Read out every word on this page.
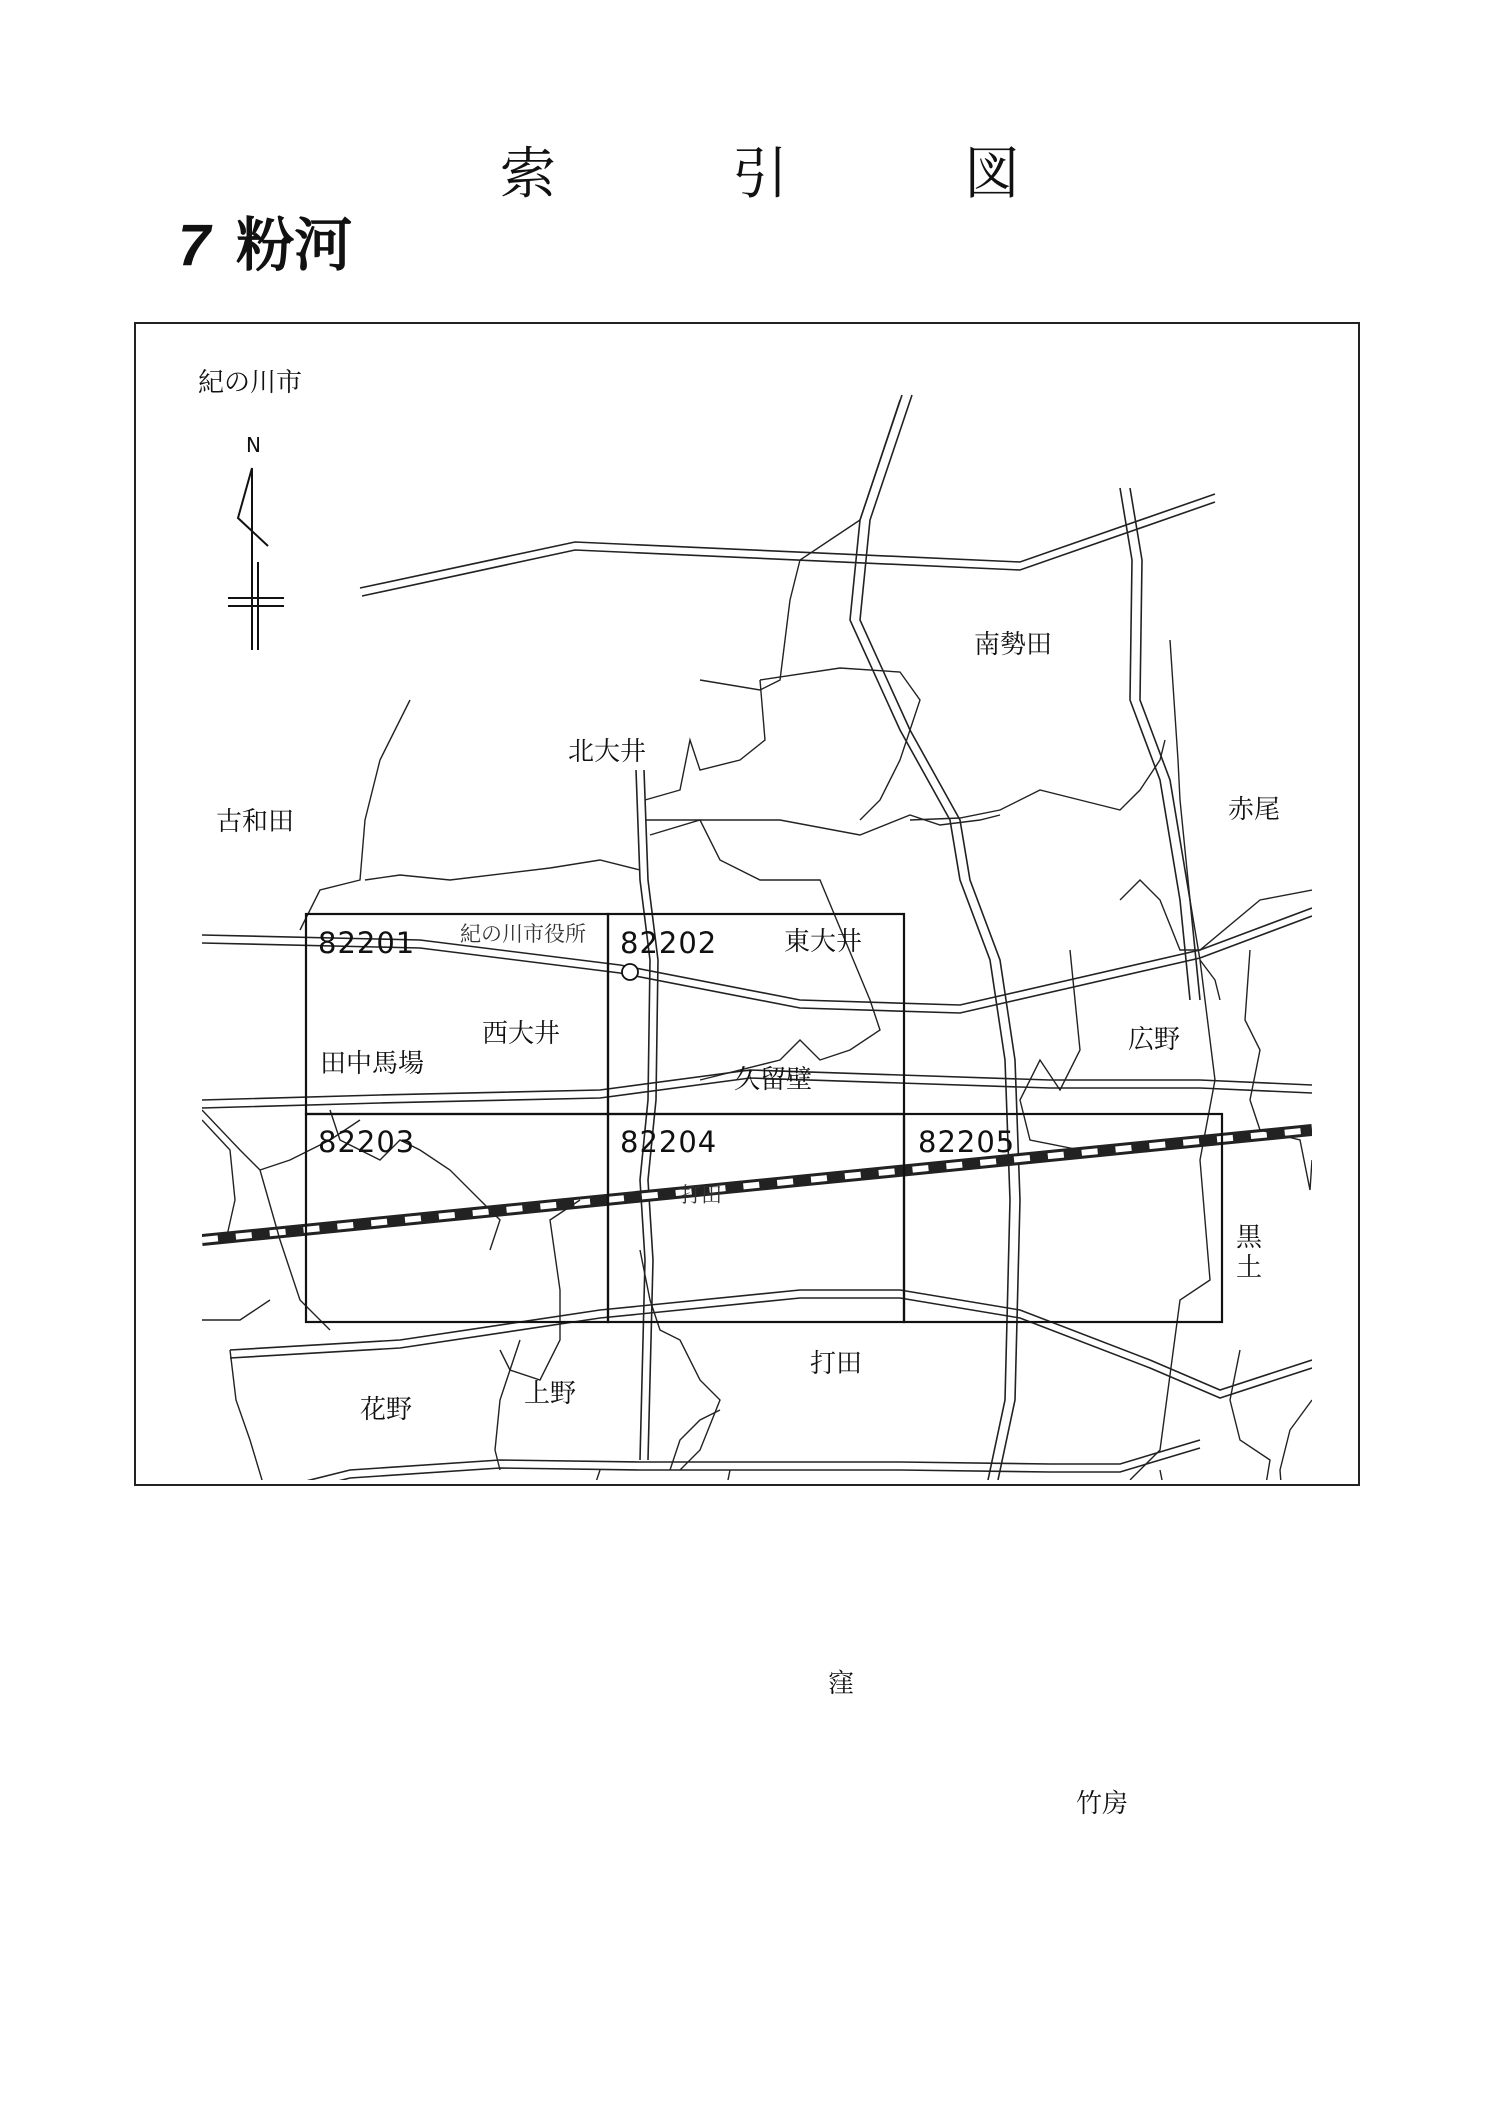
索	引	図
7 粉河
紀の川市
N
82201	82202
82203	82204	82205
紀の川市役所
南勢田
北大井
古和田	赤尾
東大井
西大井	広野
田中馬場
久留壁
打田
黒
土
打田
花野
上野
窪
竹房
